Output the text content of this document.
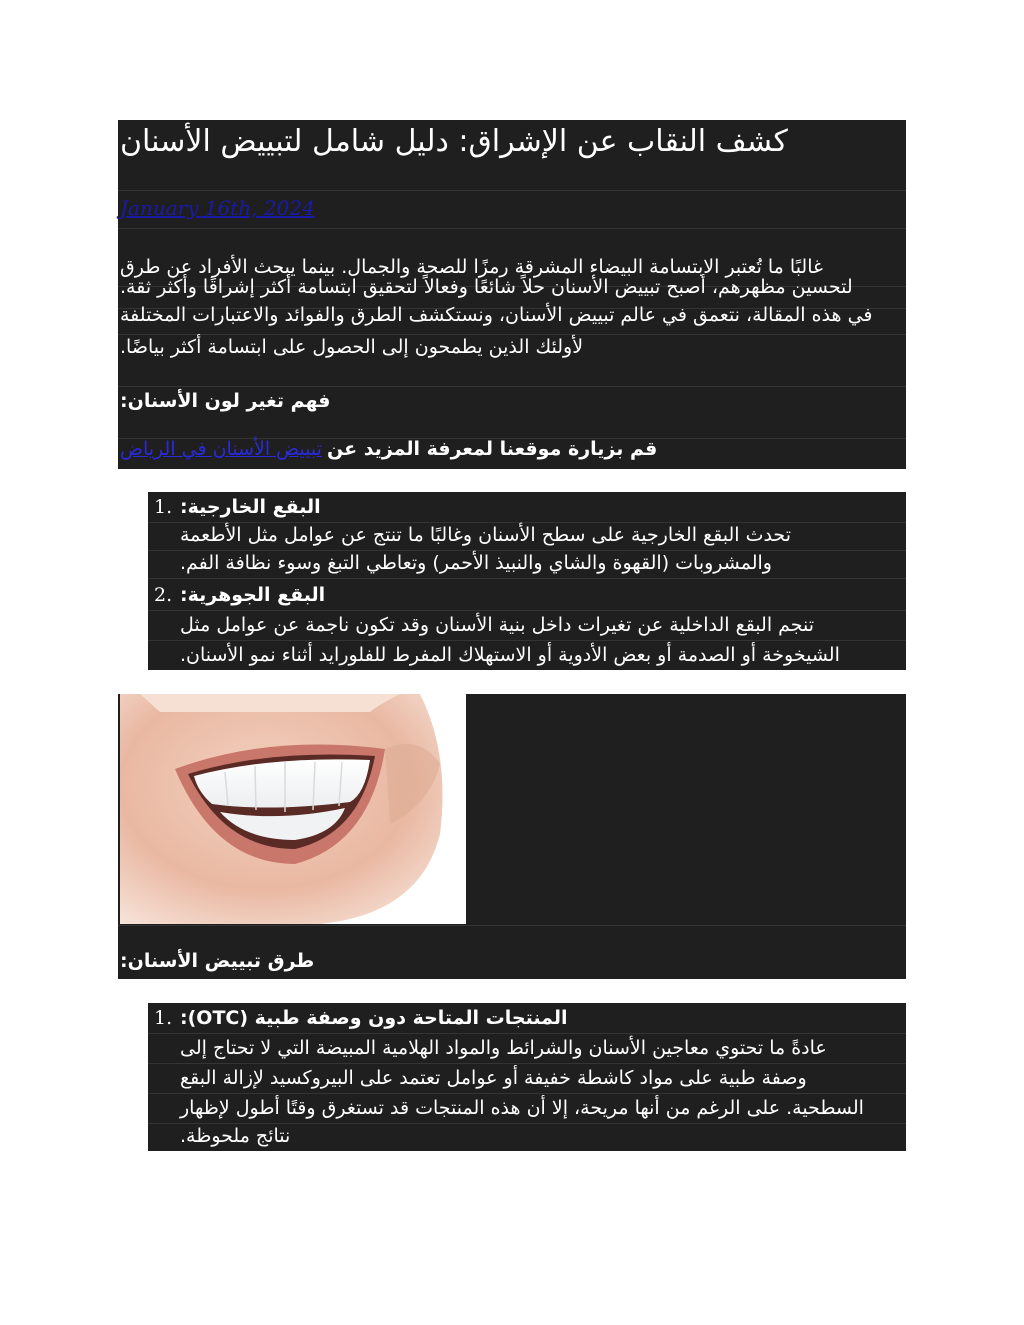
كشف النقاب عن الإشراق: دليل شامل لتبييض الأسنان
January 16th, 2024
غالبًا ما تُعتبر الابتسامة البيضاء المشرقة رمزًا للصحة والجمال. بينما يبحث الأفراد عن طرق
لتحسين مظهرهم، أصبح تبييض الأسنان حلاً شائعًا وفعالاً لتحقيق ابتسامة أكثر إشراقًا وأكثر ثقة.
في هذه المقالة، نتعمق في عالم تبييض الأسنان، ونستكشف الطرق والفوائد والاعتبارات المختلفة
لأولئك الذين يطمحون إلى الحصول على ابتسامة أكثر بياضًا.
فهم تغير لون الأسنان:
قم بزيارة موقعنا لمعرفة المزيد عن تبييض الأسنان في الرياض
1. البقع الخارجية:
تحدث البقع الخارجية على سطح الأسنان وغالبًا ما تنتج عن عوامل مثل الأطعمة
والمشروبات (القهوة والشاي والنبيذ الأحمر) وتعاطي التبغ وسوء نظافة الفم.
2. البقع الجوهرية:
تنجم البقع الداخلية عن تغيرات داخل بنية الأسنان وقد تكون ناجمة عن عوامل مثل
الشيخوخة أو الصدمة أو بعض الأدوية أو الاستهلاك المفرط للفلورايد أثناء نمو الأسنان.
طرق تبييض الأسنان:
1. المنتجات المتاحة دون وصفة طبية (OTC):
عادةً ما تحتوي معاجين الأسنان والشرائط والمواد الهلامية المبيضة التي لا تحتاج إلى
وصفة طبية على مواد كاشطة خفيفة أو عوامل تعتمد على البيروكسيد لإزالة البقع
السطحية. على الرغم من أنها مريحة، إلا أن هذه المنتجات قد تستغرق وقتًا أطول لإظهار
نتائج ملحوظة.
